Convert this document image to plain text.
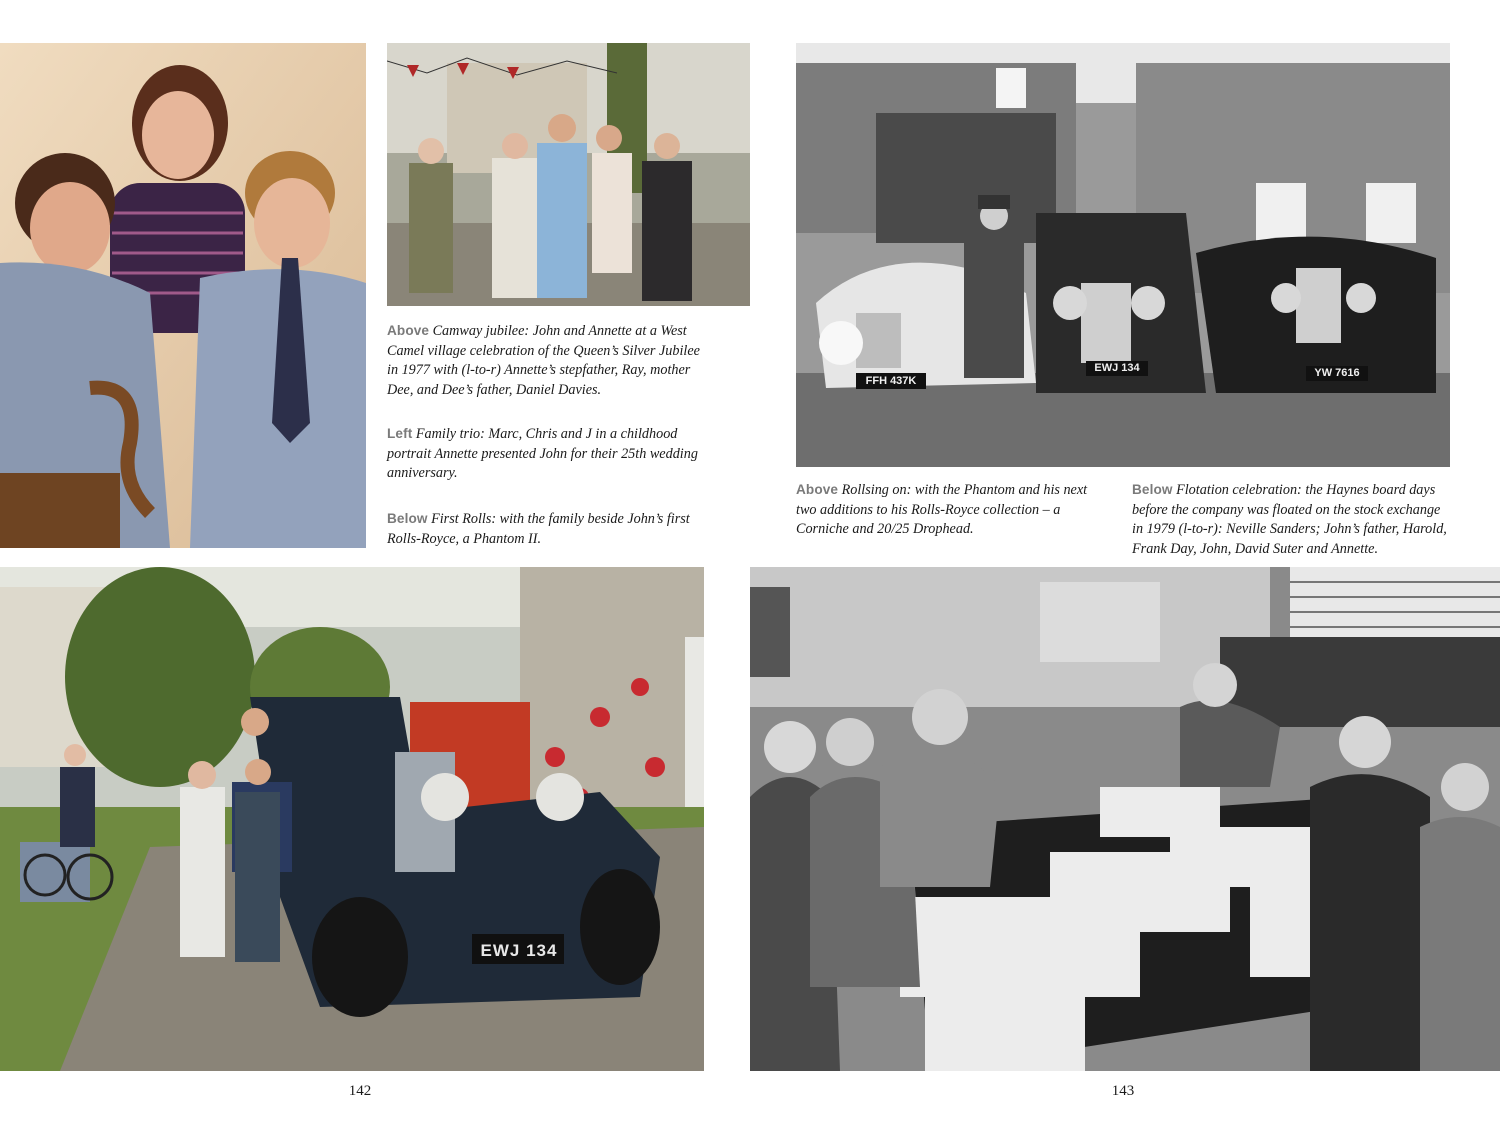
Above Camway jubilee: John and Annette at a West Camel village celebration of the Queen’s Silver Jubilee in 1977 with (l-to-r) Annette’s stepfather, Ray, mother Dee, and Dee’s father, Daniel Davies.
Left Family trio: Marc, Chris and J in a childhood portrait Annette presented John for their 25th wedding anniversary.
Below First Rolls: with the family beside John’s first Rolls-Royce, a Phantom II.
Above Rollsing on: with the Phantom and his next two additions to his Rolls-Royce collection – a Corniche and 20/25 Drophead.
Below Flotation celebration: the Haynes board days before the company was floated on the stock exchange in 1979 (l-to-r): Neville Sanders; John’s father, Harold, Frank Day, John, David Suter and Annette.
EWJ 134
FFH 437K
EWJ 134	YW 7616
142	143
